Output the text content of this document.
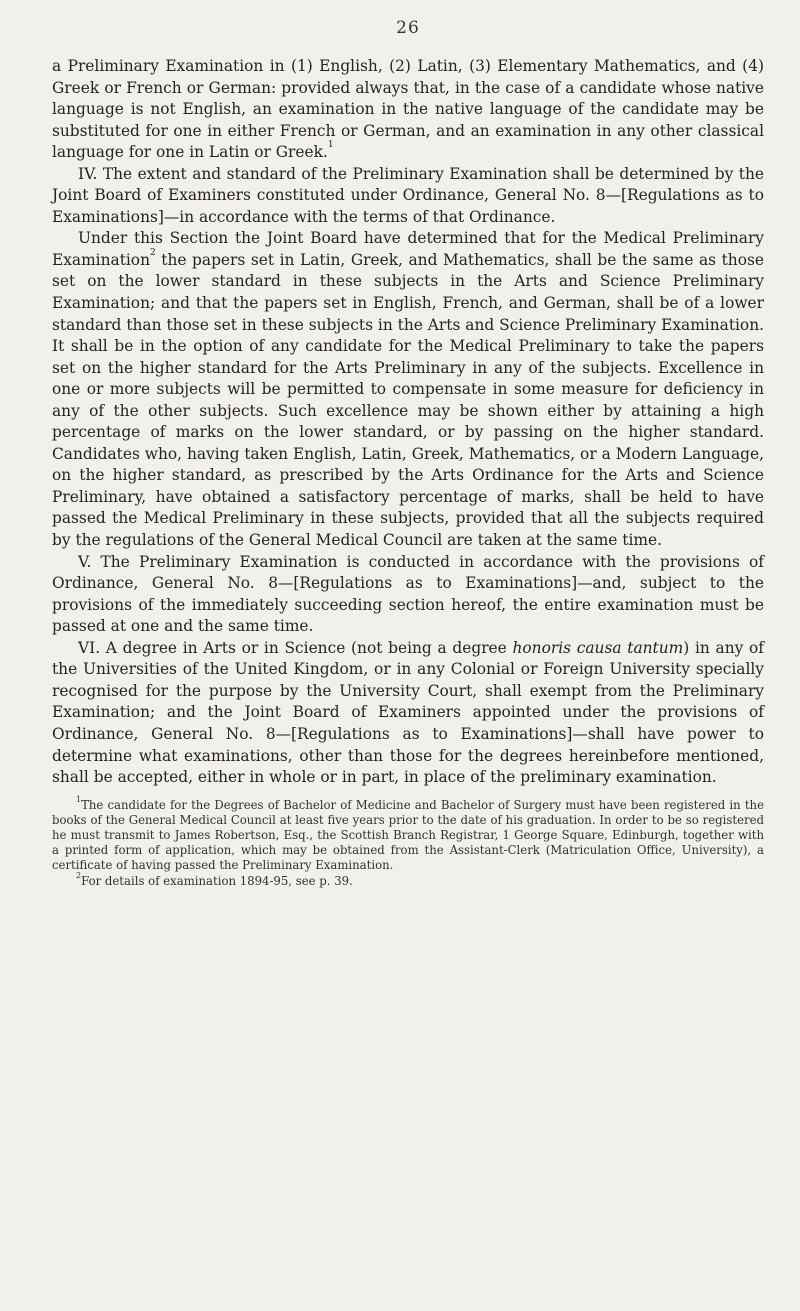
26

a Preliminary Examination in (1) English, (2) Latin, (3) Elementary Mathematics, and (4) Greek or French or German: provided always that, in the case of a candidate whose native language is not English, an examination in the native language of the candidate may be substituted for one in either French or German, and an examination in any other classical language for one in Latin or Greek.$^1$

IV. The extent and standard of the Preliminary Examination shall be determined by the Joint Board of Examiners constituted under Ordinance, General No. 8—[Regulations as to Examinations]—in accordance with the terms of that Ordinance.

Under this Section the Joint Board have determined that for the Medical Preliminary Examination$^2$ the papers set in Latin, Greek, and Mathematics, shall be the same as those set on the lower standard in these subjects in the Arts and Science Preliminary Examination; and that the papers set in English, French, and German, shall be of a lower standard than those set in these subjects in the Arts and Science Preliminary Examination. It shall be in the option of any candidate for the Medical Preliminary to take the papers set on the higher standard for the Arts Preliminary in any of the subjects. Excellence in one or more subjects will be permitted to compensate in some measure for deficiency in any of the other subjects. Such excellence may be shown either by attaining a high percentage of marks on the lower standard, or by passing on the higher standard. Candidates who, having taken English, Latin, Greek, Mathematics, or a Modern Language, on the higher standard, as prescribed by the Arts Ordinance for the Arts and Science Preliminary, have obtained a satisfactory percentage of marks, shall be held to have passed the Medical Preliminary in these subjects, provided that all the subjects required by the regulations of the General Medical Council are taken at the same time.

V. The Preliminary Examination is conducted in accordance with the provisions of Ordinance, General No. 8—[Regulations as to Examinations]—and, subject to the provisions of the immediately succeeding section hereof, the entire examination must be passed at one and the same time.

VI. A degree in Arts or in Science (not being a degree honoris causa tantum) in any of the Universities of the United Kingdom, or in any Colonial or Foreign University specially recognised for the purpose by the University Court, shall exempt from the Preliminary Examination; and the Joint Board of Examiners appointed under the provisions of Ordinance, General No. 8—[Regulations as to Examinations]—shall have power to determine what examinations, other than those for the degrees hereinbefore mentioned, shall be accepted, either in whole or in part, in place of the preliminary examination.

$^1$The candidate for the Degrees of Bachelor of Medicine and Bachelor of Surgery must have been registered in the books of the General Medical Council at least five years prior to the date of his graduation. In order to be so registered he must transmit to James Robertson, Esq., the Scottish Branch Registrar, 1 George Square, Edinburgh, together with a printed form of application, which may be obtained from the Assistant-Clerk (Matriculation Office, University), a certificate of having passed the Preliminary Examination.

$^2$For details of examination 1894-95, see p. 39.
